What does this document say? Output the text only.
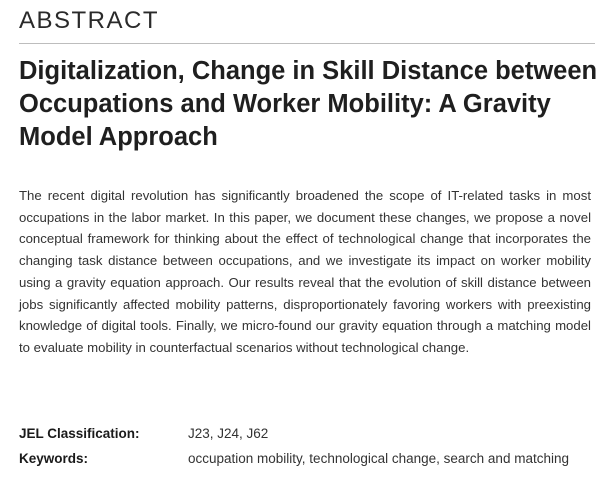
ABSTRACT
Digitalization, Change in Skill Distance between Occupations and Worker Mobility: A Gravity Model Approach

The recent digital revolution has significantly broadened the scope of IT-related tasks in most occupations in the labor market. In this paper, we document these changes, we propose a novel conceptual framework for thinking about the effect of technological change that incorporates the changing task distance between occupations, and we investigate its impact on worker mobility using a gravity equation approach. Our results reveal that the evolution of skill distance between jobs significantly affected mobility patterns, disproportionately favoring workers with preexisting knowledge of digital tools. Finally, we micro-found our gravity equation through a matching model to evaluate mobility in counterfactual scenarios without technological change.

JEL Classification:	J23, J24, J62
Keywords:	occupation mobility, technological change, search and matching
